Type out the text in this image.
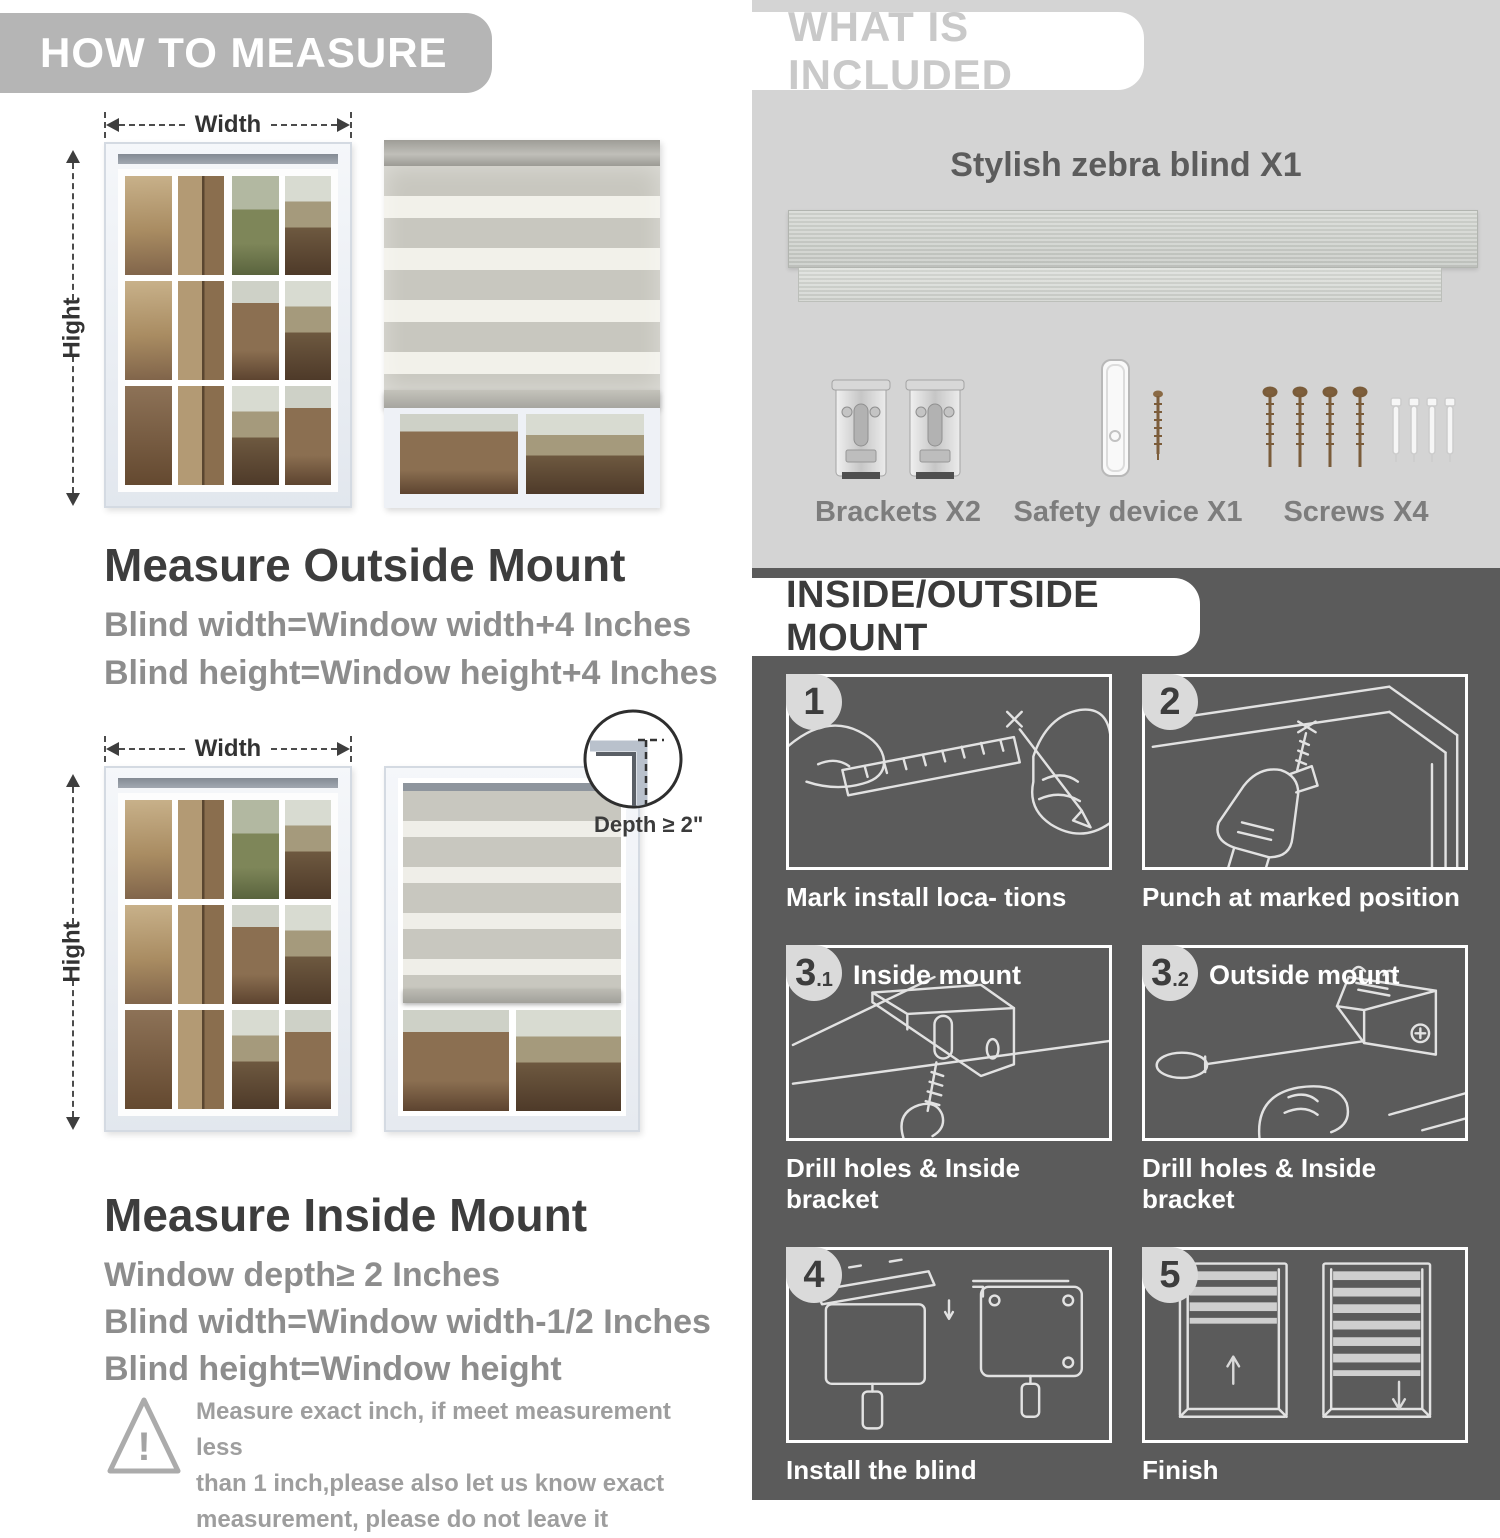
HOW TO MEASURE
Width
Hight
Measure Outside Mount
Blind width=Window width+4 Inches
Blind height=Window height+4 Inches
Width
Hight
Depth ≥ 2"
Measure Inside Mount
Window depth≥ 2 Inches
Blind width=Window width-1/2 Inches
Blind height=Window height
!
Measure exact inch, if meet measurement less
than 1 inch,please also let us know exact
measurement, please do not leave it
WHAT IS INCLUDED
Stylish zebra blind X1
Brackets X2	Safety device X1	Screws X4
INSIDE/OUTSIDE MOUNT
1
Mark install loca- tions
2
Punch at marked position
3 .1 Inside mount
Drill holes & Inside bracket
3 .2 Outside mount
Drill holes & Inside bracket
4
Install the blind
5
Finish
